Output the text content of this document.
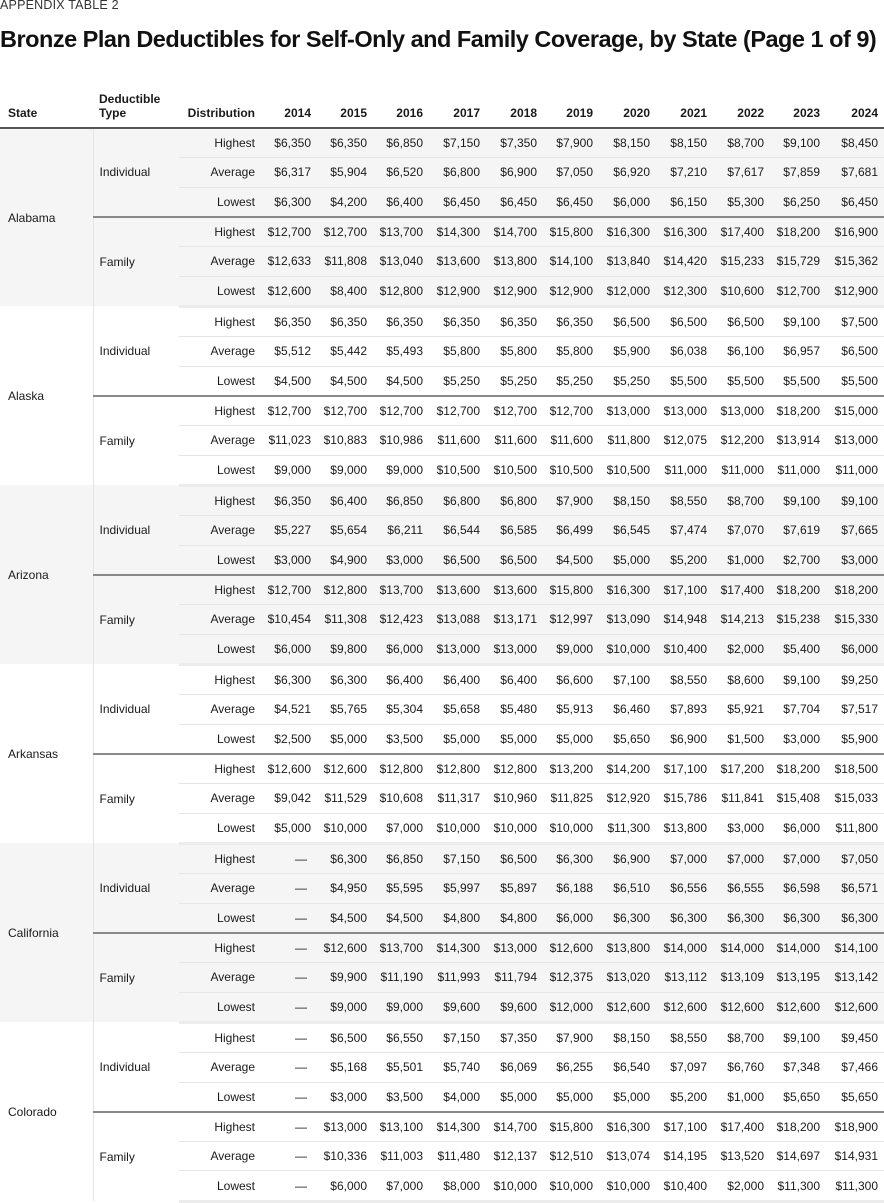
APPENDIX TABLE 2
Bronze Plan Deductibles for Self-Only and Family Coverage, by State (Page 1 of 9)
State	Deductible Type	Distribution	2014	2015	2016	2017	2018	2019	2020	2021	2022	2023	2024
Alabama	Individual	Highest	$6,350	$6,350	$6,850	$7,150	$7,350	$7,900	$8,150	$8,150	$8,700	$9,100	$8,450
		Average	$6,317	$5,904	$6,520	$6,800	$6,900	$7,050	$6,920	$7,210	$7,617	$7,859	$7,681
		Lowest	$6,300	$4,200	$6,400	$6,450	$6,450	$6,450	$6,000	$6,150	$5,300	$6,250	$6,450
	Family	Highest	$12,700	$12,700	$13,700	$14,300	$14,700	$15,800	$16,300	$16,300	$17,400	$18,200	$16,900
		Average	$12,633	$11,808	$13,040	$13,600	$13,800	$14,100	$13,840	$14,420	$15,233	$15,729	$15,362
		Lowest	$12,600	$8,400	$12,800	$12,900	$12,900	$12,900	$12,000	$12,300	$10,600	$12,700	$12,900
Alaska	Individual	Highest	$6,350	$6,350	$6,350	$6,350	$6,350	$6,350	$6,500	$6,500	$6,500	$9,100	$7,500
		Average	$5,512	$5,442	$5,493	$5,800	$5,800	$5,800	$5,900	$6,038	$6,100	$6,957	$6,500
		Lowest	$4,500	$4,500	$4,500	$5,250	$5,250	$5,250	$5,250	$5,500	$5,500	$5,500	$5,500
	Family	Highest	$12,700	$12,700	$12,700	$12,700	$12,700	$12,700	$13,000	$13,000	$13,000	$18,200	$15,000
		Average	$11,023	$10,883	$10,986	$11,600	$11,600	$11,600	$11,800	$12,075	$12,200	$13,914	$13,000
		Lowest	$9,000	$9,000	$9,000	$10,500	$10,500	$10,500	$10,500	$11,000	$11,000	$11,000	$11,000
Arizona	Individual	Highest	$6,350	$6,400	$6,850	$6,800	$6,800	$7,900	$8,150	$8,550	$8,700	$9,100	$9,100
		Average	$5,227	$5,654	$6,211	$6,544	$6,585	$6,499	$6,545	$7,474	$7,070	$7,619	$7,665
		Lowest	$3,000	$4,900	$3,000	$6,500	$6,500	$4,500	$5,000	$5,200	$1,000	$2,700	$3,000
	Family	Highest	$12,700	$12,800	$13,700	$13,600	$13,600	$15,800	$16,300	$17,100	$17,400	$18,200	$18,200
		Average	$10,454	$11,308	$12,423	$13,088	$13,171	$12,997	$13,090	$14,948	$14,213	$15,238	$15,330
		Lowest	$6,000	$9,800	$6,000	$13,000	$13,000	$9,000	$10,000	$10,400	$2,000	$5,400	$6,000
Arkansas	Individual	Highest	$6,300	$6,300	$6,400	$6,400	$6,400	$6,600	$7,100	$8,550	$8,600	$9,100	$9,250
		Average	$4,521	$5,765	$5,304	$5,658	$5,480	$5,913	$6,460	$7,893	$5,921	$7,704	$7,517
		Lowest	$2,500	$5,000	$3,500	$5,000	$5,000	$5,000	$5,650	$6,900	$1,500	$3,000	$5,900
	Family	Highest	$12,600	$12,600	$12,800	$12,800	$12,800	$13,200	$14,200	$17,100	$17,200	$18,200	$18,500
		Average	$9,042	$11,529	$10,608	$11,317	$10,960	$11,825	$12,920	$15,786	$11,841	$15,408	$15,033
		Lowest	$5,000	$10,000	$7,000	$10,000	$10,000	$10,000	$11,300	$13,800	$3,000	$6,000	$11,800
California	Individual	Highest	—	$6,300	$6,850	$7,150	$6,500	$6,300	$6,900	$7,000	$7,000	$7,000	$7,050
		Average	—	$4,950	$5,595	$5,997	$5,897	$6,188	$6,510	$6,556	$6,555	$6,598	$6,571
		Lowest	—	$4,500	$4,500	$4,800	$4,800	$6,000	$6,300	$6,300	$6,300	$6,300	$6,300
	Family	Highest	—	$12,600	$13,700	$14,300	$13,000	$12,600	$13,800	$14,000	$14,000	$14,000	$14,100
		Average	—	$9,900	$11,190	$11,993	$11,794	$12,375	$13,020	$13,112	$13,109	$13,195	$13,142
		Lowest	—	$9,000	$9,000	$9,600	$9,600	$12,000	$12,600	$12,600	$12,600	$12,600	$12,600
Colorado	Individual	Highest	—	$6,500	$6,550	$7,150	$7,350	$7,900	$8,150	$8,550	$8,700	$9,100	$9,450
		Average	—	$5,168	$5,501	$5,740	$6,069	$6,255	$6,540	$7,097	$6,760	$7,348	$7,466
		Lowest	—	$3,000	$3,500	$4,000	$5,000	$5,000	$5,000	$5,200	$1,000	$5,650	$5,650
	Family	Highest	—	$13,000	$13,100	$14,300	$14,700	$15,800	$16,300	$17,100	$17,400	$18,200	$18,900
		Average	—	$10,336	$11,003	$11,480	$12,137	$12,510	$13,074	$14,195	$13,520	$14,697	$14,931
		Lowest	—	$6,000	$7,000	$8,000	$10,000	$10,000	$10,000	$10,400	$2,000	$11,300	$11,300
